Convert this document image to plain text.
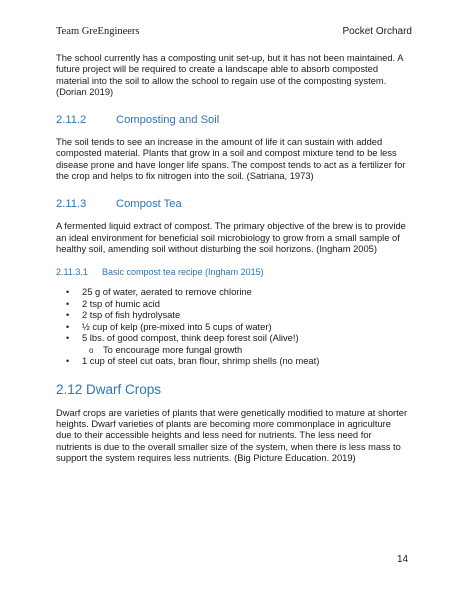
Team GreEngineers	Pocket Orchard

The school currently has a composting unit set-up, but it has not been maintained. A future project will be required to create a landscape able to absorb composted material into the soil to allow the school to regain use of the composting system. (Dorian 2019)

2.11.2	Composting and Soil

The soil tends to see an increase in the amount of life it can sustain with added composted material. Plants that grow in a soil and compost mixture tend to be less disease prone and have longer life spans. The compost tends to act as a fertilizer for the crop and helps to fix nitrogen into the soil. (Satriana, 1973)

2.11.3	Compost Tea

A fermented liquid extract of compost. The primary objective of the brew is to provide an ideal environment for beneficial soil microbiology to grow from a small sample of healthy soil, amending soil without disturbing the soil horizons. (Ingham 2005)

2.11.3.1 Basic compost tea recipe (Ingham 2015)
• 25 g of water, aerated to remove chlorine
• 2 tsp of humic acid
• 2 tsp of fish hydrolysate
• ½ cup of kelp (pre-mixed into 5 cups of water)
• 5 lbs. of good compost, think deep forest soil (Alive!)
o To encourage more fungal growth
• 1 cup of steel cut oats, bran flour, shrimp shells (no meat)
2.12 Dwarf Crops

Dwarf crops are varieties of plants that were genetically modified to mature at shorter heights. Dwarf varieties of plants are becoming more commonplace in agriculture due to their accessible heights and less need for nutrients. The less need for nutrients is due to the overall smaller size of the system, when there is less mass to support the system requires less nutrients. (Big Picture Education. 2019)

14
